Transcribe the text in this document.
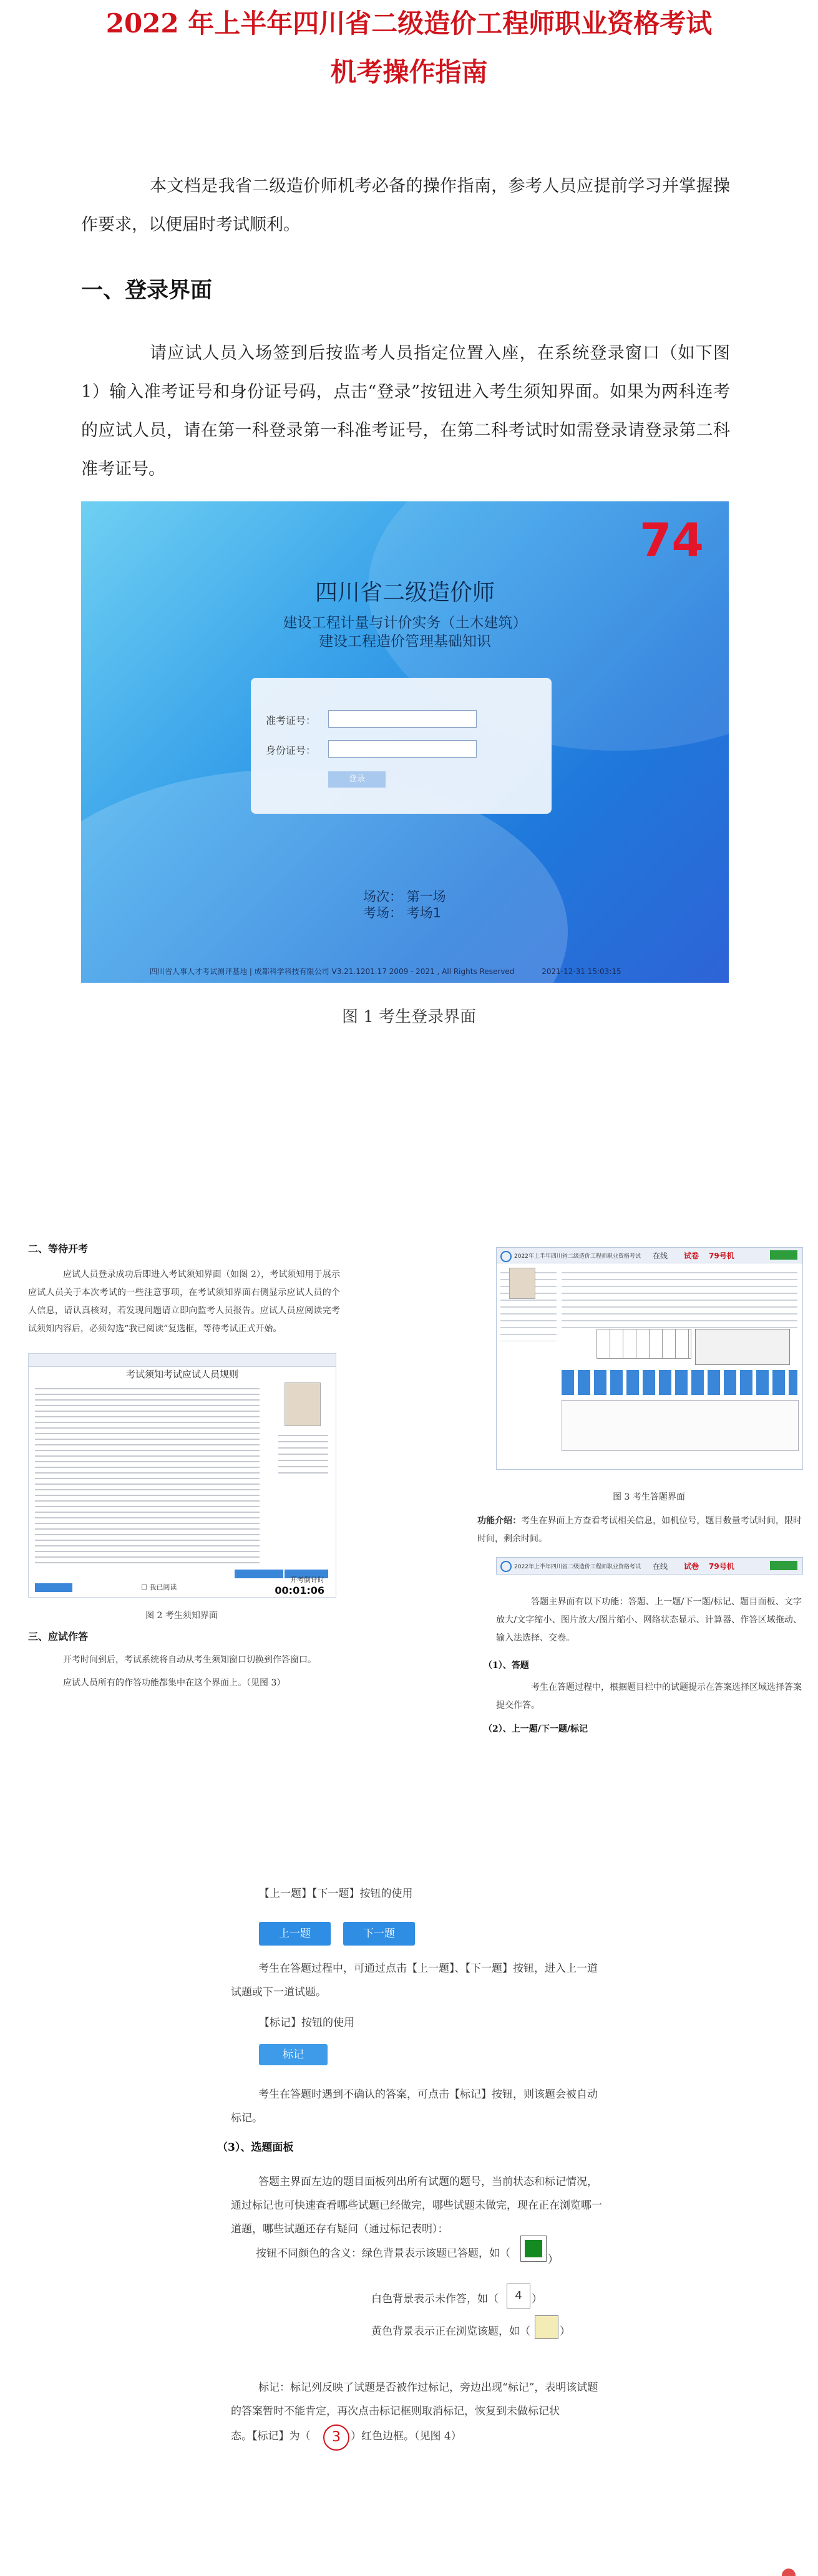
2022 年上半年四川省二级造价工程师职业资格考试
机考操作指南
本文档是我省二级造价师机考必备的操作指南，参考人员应提前学习并掌握操作要求，以便届时考试顺利。
一、登录界面
请应试人员入场签到后按监考人员指定位置入座，在系统登录窗口（如下图 1）输入准考证号和身份证号码，点击“登录”按钮进入考生须知界面。如果为两科连考的应试人员，请在第一科登录第一科准考证号，在第二科考试时如需登录请登录第二科准考证号。
74
四川省二级造价师
建设工程计量与计价实务（土木建筑）
建设工程造价管理基础知识
准考证号：
身份证号：
登录
场次： 第一场
考场： 考场1
四川省人事人才考试测评基地 | 成都科学科技有限公司 V3.21.1201.17 2009 - 2021 , All Rights Reserved	2021-12-31 15:03:15
图 1 考生登录界面
二、等待开考
应试人员登录成功后即进入考试须知界面（如图 2），考试须知用于展示应试人员关于本次考试的一些注意事项，在考试须知界面右侧显示应试人员的个人信息，请认真核对，若发现问题请立即向监考人员报告。应试人员应阅读完考试须知内容后，必须勾选“我已阅读”复选框，等待考试正式开始。
考试须知考试应试人员规则
☐ 我已阅读
开考倒计时
00:01:06
图 2 考生须知界面
三、应试作答
开考时间到后，考试系统将自动从考生须知窗口切换到作答窗口。
应试人员所有的作答功能都集中在这个界面上。（见图 3）
2022年上半年四川省二级造价工程师职业资格考试 在线 试卷 79号机
图 3 考生答题界面
功能介绍：考生在界面上方查看考试相关信息，如机位号，题目数量考试时间，限时时间，剩余时间。
2022年上半年四川省二级造价工程师职业资格考试 在线 试卷 79号机
答题主界面有以下功能：答题、上一题/下一题/标记、题目面板、文字放大/文字缩小、图片放大/图片缩小、网络状态显示、计算器、作答区域拖动、输入法选择、交卷。
（1）、答题
考生在答题过程中，根据题目栏中的试题提示在答案选择区域选择答案提交作答。
（2）、上一题/下一题/标记
【上一题】【下一题】按钮的使用
上一题	下一题
考生在答题过程中，可通过点击【上一题】、【下一题】按钮，进入上一道试题或下一道试题。
【标记】按钮的使用
标记
考生在答题时遇到不确认的答案，可点击【标记】按钮，则该题会被自动标记。
（3）、选题面板
答题主界面左边的题目面板列出所有试题的题号，当前状态和标记情况，通过标记也可快速查看哪些试题已经做完，哪些试题未做完，现在正在浏览哪一道题，哪些试题还存有疑问（通过标记表明）：
按钮不同颜色的含义：绿色背景表示该题已答题，如（	）
白色背景表示未作答，如（	4 ）
黄色背景表示正在浏览该题，如（	）
标记：标记列反映了试题是否被作过标记，旁边出现“标记”，表明该试题的答案暂时不能肯定，再次点击标记框则取消标记，恢复到未做标记状
态。【标记】为（	3 ）红色边框。（见图 4）
